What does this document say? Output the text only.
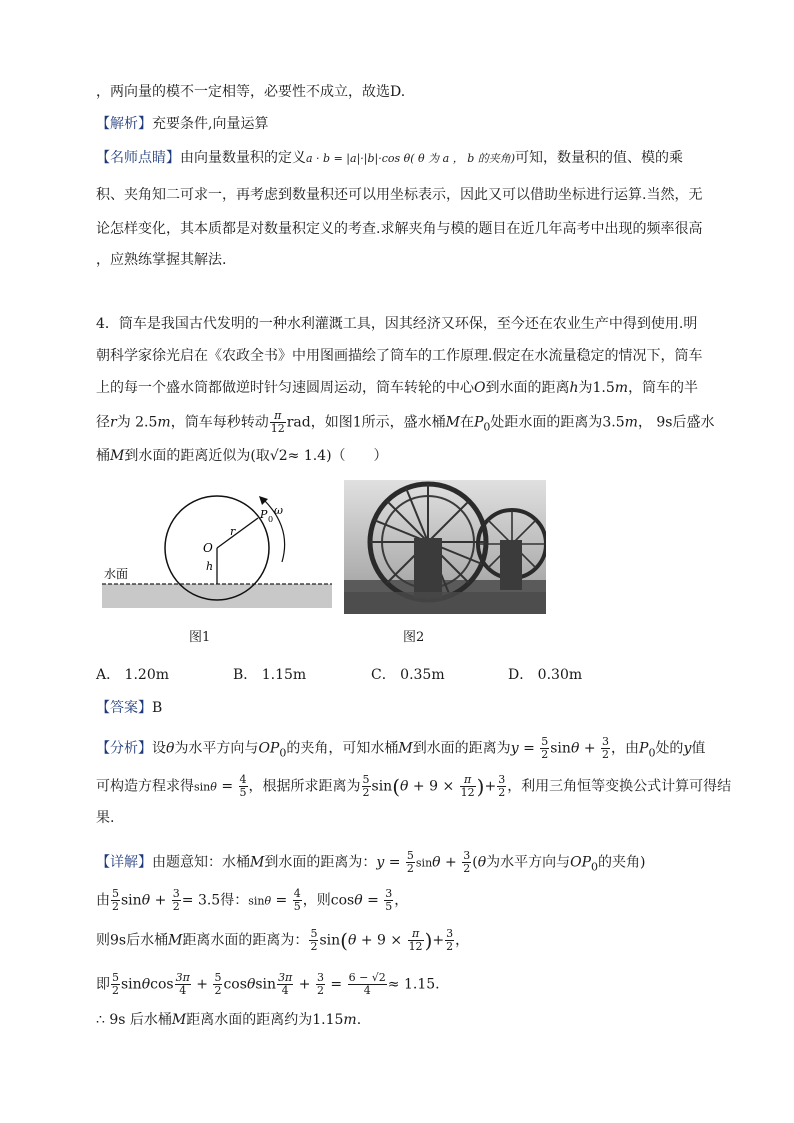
，两向量的模不一定相等，必要性不成立，故选D.
【解析】充要条件,向量运算
【名师点睛】由向量数量积的定义a · b = |a|·|b|·cos θ( θ 为 a ， b 的夹角)可知，数量积的值、模的乘
积、夹角知二可求一，再考虑到数量积还可以用坐标表示，因此又可以借助坐标进行运算.当然，无
论怎样变化，其本质都是对数量积定义的考查.求解夹角与模的题目在近几年高考中出现的频率很高
，应熟练掌握其解法.
4．筒车是我国古代发明的一种水利灌溉工具，因其经济又环保，至今还在农业生产中得到使用.明
朝科学家徐光启在《农政全书》中用图画描绘了筒车的工作原理.假定在水流量稳定的情况下，筒车
上的每一个盛水筒都做逆时针匀速圆周运动，筒车转轮的中心O到水面的距离h为1.5m，筒车的半
径r为 2.5m，筒车每秒转动 $\frac{\pi}{12}$ rad，如图1所示，盛水桶M在$P_0$处距水面的距离为3.5m， 9s后盛水
桶M到水面的距离近似为(取√2≈ 1.4)（　　）
水面
O
h
r
P 0
ω
图1	图2
A． 1.20m	B． 1.15m	C． 0.35m	D． 0.30m
【答案】B
【分析】设θ为水平方向与$OP_0$的夹角，可知水桶M到水面的距离为$y = \frac{5}{2}$ $\sin\theta + \frac{3}{2}$ ，由$P_0$处的y值
可构造方程求得$\sin\theta = \frac{4}{5}$ ，根据所求距离为 $\frac{5}{2} \sin(\theta + 9 \times \frac{\pi}{12}$ )+ $\frac{3}{2}$ ，利用三角恒等变换公式计算可得结
果.
【详解】由题意知：水桶M到水面的距离为：$y = \frac{5}{2}$ $\sin\theta + \frac{3}{2} (\theta$为水平方向与$OP_0$的夹角)
由 $\frac{5}{2}$ $\sin\theta + \frac{3}{2} = 3.5$得：$\sin\theta = \frac{4}{5}$ ，则$\cos\theta = \frac{3}{5}$ ，
则9s后水桶M距离水面的距离为： $\frac{5}{2} \sin(\theta + 9 \times \frac{\pi}{12}$ )+ $\frac{3}{2}$ ，
即 $\frac{5}{2}$ sinθcos $\frac{3\pi}{4} + \frac{5}{2}$ cosθsin $\frac{3\pi}{4} + \frac{3}{2} = \frac{6 - √2}{4} \approx 1.15$.
∴ 9s 后水桶M距离水面的距离约为1.15m.
